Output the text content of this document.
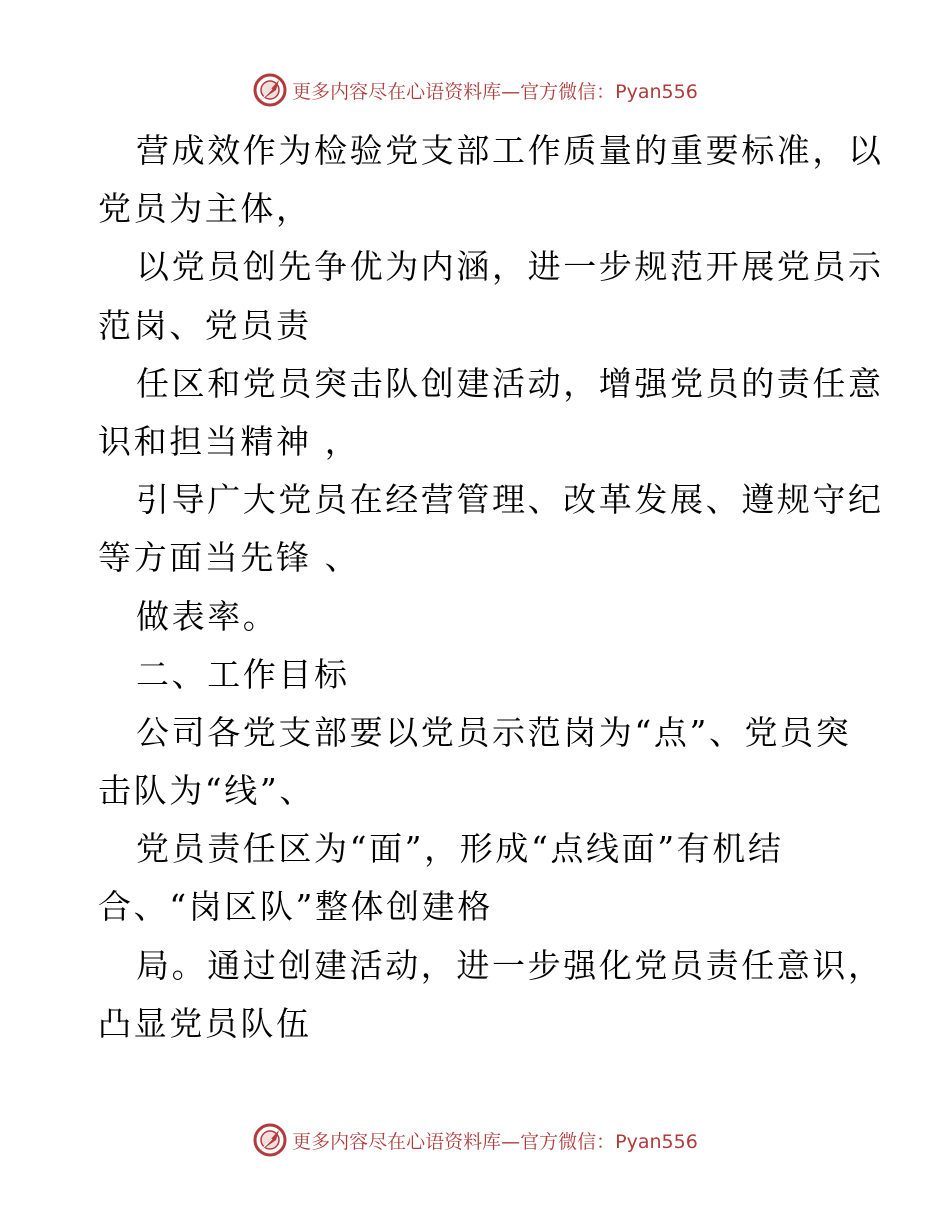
更多内容尽在心语资料库—官方微信：Pyan556
营成效作为检验党支部工作质量的重要标准，以
党员为主体，
以党员创先争优为内涵，进一步规范开展党员示
范岗、党员责
任区和党员突击队创建活动，增强党员的责任意
识和担当精神 ，
引导广大党员在经营管理、改革发展、遵规守纪
等方面当先锋 、
做表率。
二、工作目标
公司各党支部要以党员示范岗为“点”、党员突
击队为“线”、
党员责任区为“面”，形成“点线面”有机结
合、“岗区队”整体创建格
局。通过创建活动，进一步强化党员责任意识，
凸显党员队伍
更多内容尽在心语资料库—官方微信：Pyan556
